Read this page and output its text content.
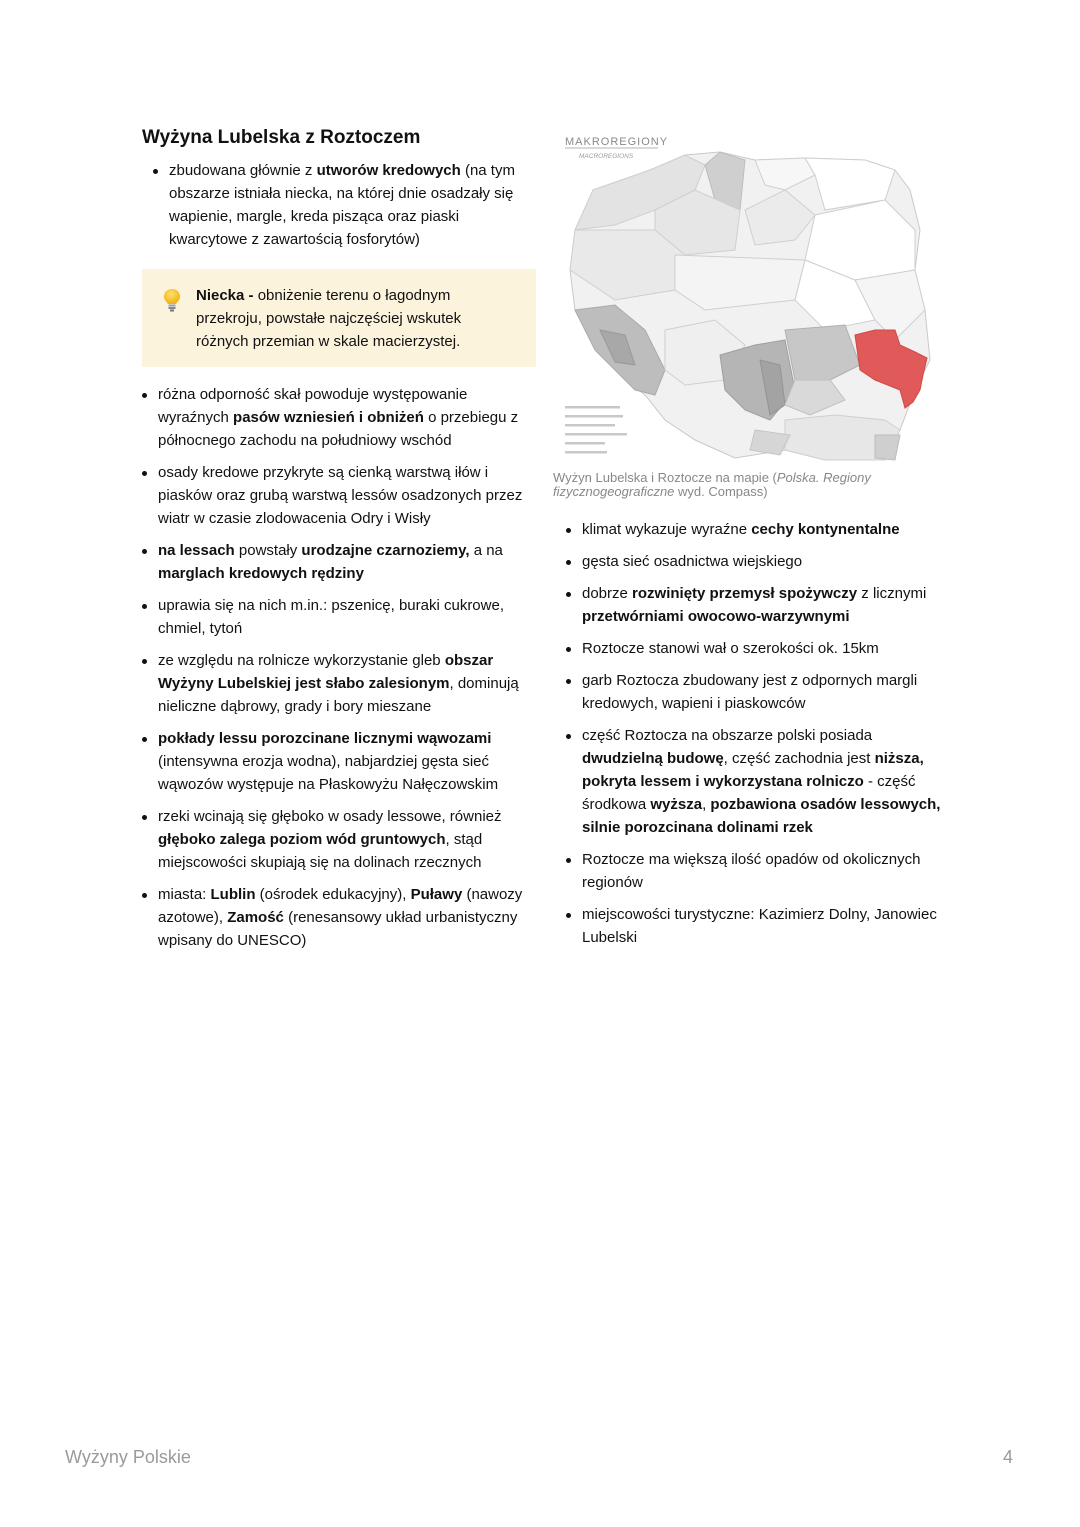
Wyżyna Lubelska z Roztoczem
zbudowana głównie z utworów kredowych (na tym obszarze istniała niecka, na której dnie osadzały się wapienie, margle, kreda pisząca oraz piaski kwarcytowe z zawartością fosforytów)
Niecka - obniżenie terenu o łagodnym przekroju, powstałe najczęściej wskutek różnych przemian w skale macierzystej.
różna odporność skał powoduje występowanie wyraźnych pasów wzniesień i obniżeń o przebiegu z północnego zachodu na południowy wschód
osady kredowe przykryte są cienką warstwą iłów i piasków oraz grubą warstwą lessów osadzonych przez wiatr w czasie zlodowacenia Odry i Wisły
na lessach powstały urodzajne czarnoziemy, a na marglach kredowych rędziny
uprawia się na nich m.in.: pszenicę, buraki cukrowe, chmiel, tytoń
ze względu na rolnicze wykorzystanie gleb obszar Wyżyny Lubelskiej jest słabo zalesionym, dominują nieliczne dąbrowy, grady i bory mieszane
pokłady lessu porozcinane licznymi wąwozami (intensywna erozja wodna), nabjardziej gęsta sieć wąwozów występuje na Płaskowyżu Nałęczowskim
rzeki wcinają się głęboko w osady lessowe, również głęboko zalega poziom wód gruntowych, stąd miejscowości skupiają się na dolinach rzecznych
miasta: Lublin (ośrodek edukacyjny), Puławy (nawozy azotowe), Zamość (renesansowy układ urbanistyczny wpisany do UNESCO)
MAKROREGIONY
MACROREGIONS
Wyżyn Lubelska i Roztocze na mapie (Polska. Regiony fizycznogeograficzne wyd. Compass)
klimat wykazuje wyraźne cechy kontynentalne
gęsta sieć osadnictwa wiejskiego
dobrze rozwinięty przemysł spożywczy z licznymi przetwórniami owocowo-warzywnymi
Roztocze stanowi wał o szerokości ok. 15km
garb Roztocza zbudowany jest z odpornych margli kredowych, wapieni i piaskowców
część Roztocza na obszarze polski posiada dwudzielną budowę, część zachodnia jest niższa, pokryta lessem i wykorzystana rolniczo - część środkowa wyższa, pozbawiona osadów lessowych, silnie porozcinana dolinami rzek
Roztocze ma większą ilość opadów od okolicznych regionów
miejscowości turystyczne: Kazimierz Dolny, Janowiec Lubelski
Wyżyny Polskie	4
